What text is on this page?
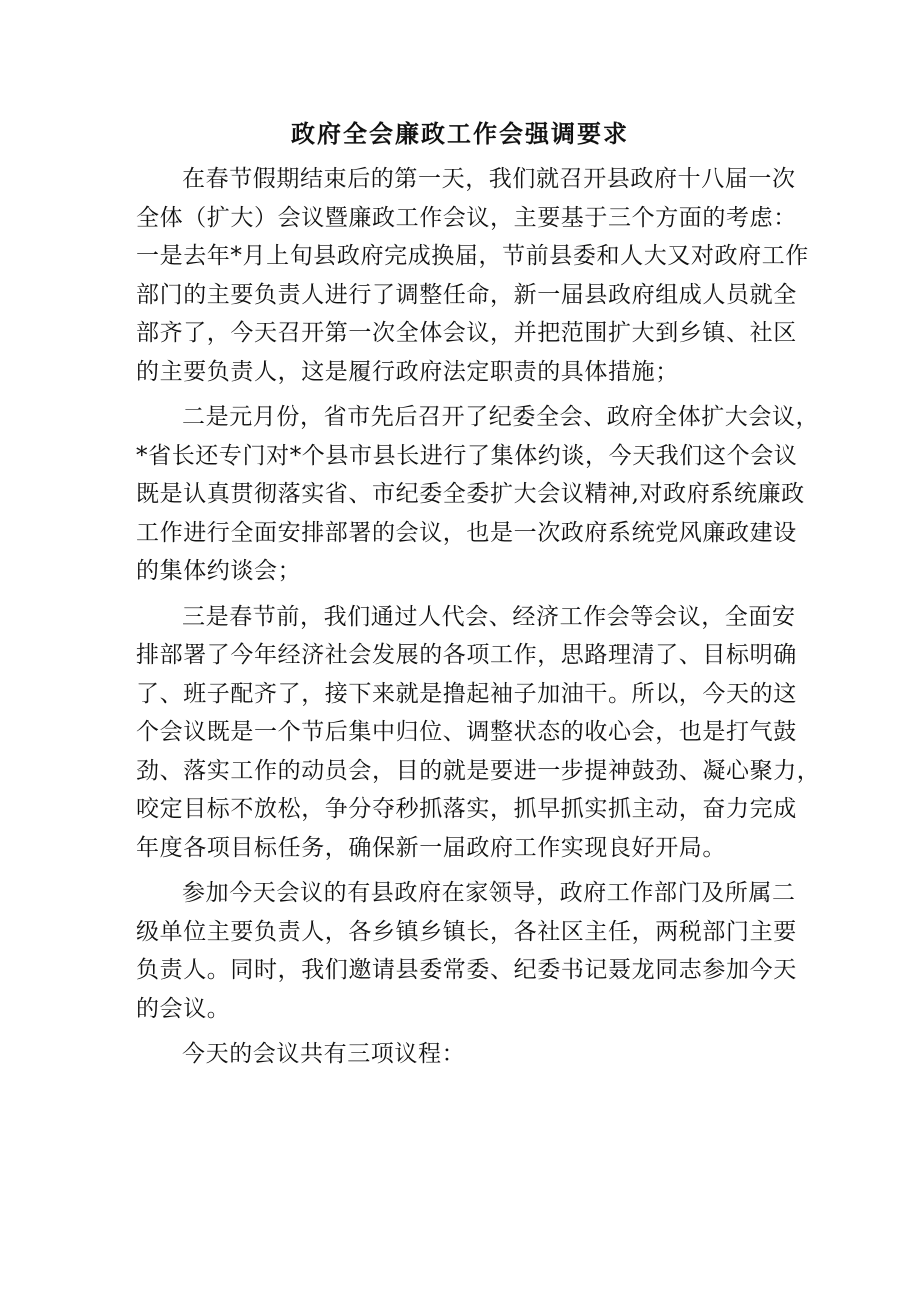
政府全会廉政工作会强调要求

在春节假期结束后的第一天，我们就召开县政府十八届一次
全体（扩大）会议暨廉政工作会议，主要基于三个方面的考虑：
一是去年*月上旬县政府完成换届，节前县委和人大又对政府工作
部门的主要负责人进行了调整任命，新一届县政府组成人员就全
部齐了，今天召开第一次全体会议，并把范围扩大到乡镇、社区
的主要负责人，这是履行政府法定职责的具体措施；

二是元月份，省市先后召开了纪委全会、政府全体扩大会议，
*省长还专门对*个县市县长进行了集体约谈，今天我们这个会议
既是认真贯彻落实省、市纪委全委扩大会议精神,对政府系统廉政
工作进行全面安排部署的会议，也是一次政府系统党风廉政建设
的集体约谈会；

三是春节前，我们通过人代会、经济工作会等会议，全面安
排部署了今年经济社会发展的各项工作，思路理清了、目标明确
了、班子配齐了，接下来就是撸起袖子加油干。所以，今天的这
个会议既是一个节后集中归位、调整状态的收心会，也是打气鼓
劲、落实工作的动员会，目的就是要进一步提神鼓劲、凝心聚力，
咬定目标不放松，争分夺秒抓落实，抓早抓实抓主动，奋力完成
年度各项目标任务，确保新一届政府工作实现良好开局。

参加今天会议的有县政府在家领导，政府工作部门及所属二
级单位主要负责人，各乡镇乡镇长，各社区主任，两税部门主要
负责人。同时，我们邀请县委常委、纪委书记聂龙同志参加今天
的会议。

今天的会议共有三项议程：
